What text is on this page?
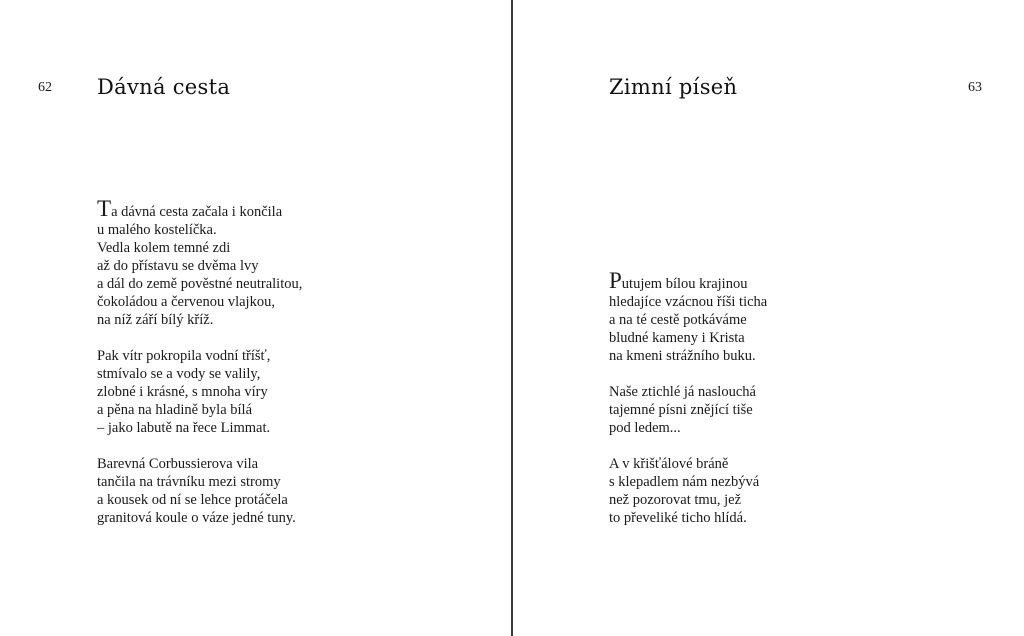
62 Dávná cesta
Ta dávná cesta začala i končila
u malého kostelíčka.
Vedla kolem temné zdi
až do přístavu se dvěma lvy
a dál do země pověstné neutralitou,
čokoládou a červenou vlajkou,
na níž září bílý kříž.
Pak vítr pokropila vodní tříšť,
stmívalo se a vody se valily,
zlobné i krásné, s mnoha víry
a pěna na hladině byla bílá
– jako labutě na řece Limmat.
Barevná Corbussierova vila
tančila na trávníku mezi stromy
a kousek od ní se lehce protáčela
granitová koule o váze jedné tuny.
Zimní píseň	63
Putujem bílou krajinou
hledajíce vzácnou říši ticha
a na té cestě potkáváme
bludné kameny i Krista
na kmeni strážního buku.
Naše ztichlé já naslouchá
tajemné písni znějící tiše
pod ledem...
A v křišťálové bráně
s klepadlem nám nezbývá
než pozorovat tmu, jež
to převeliké ticho hlídá.
